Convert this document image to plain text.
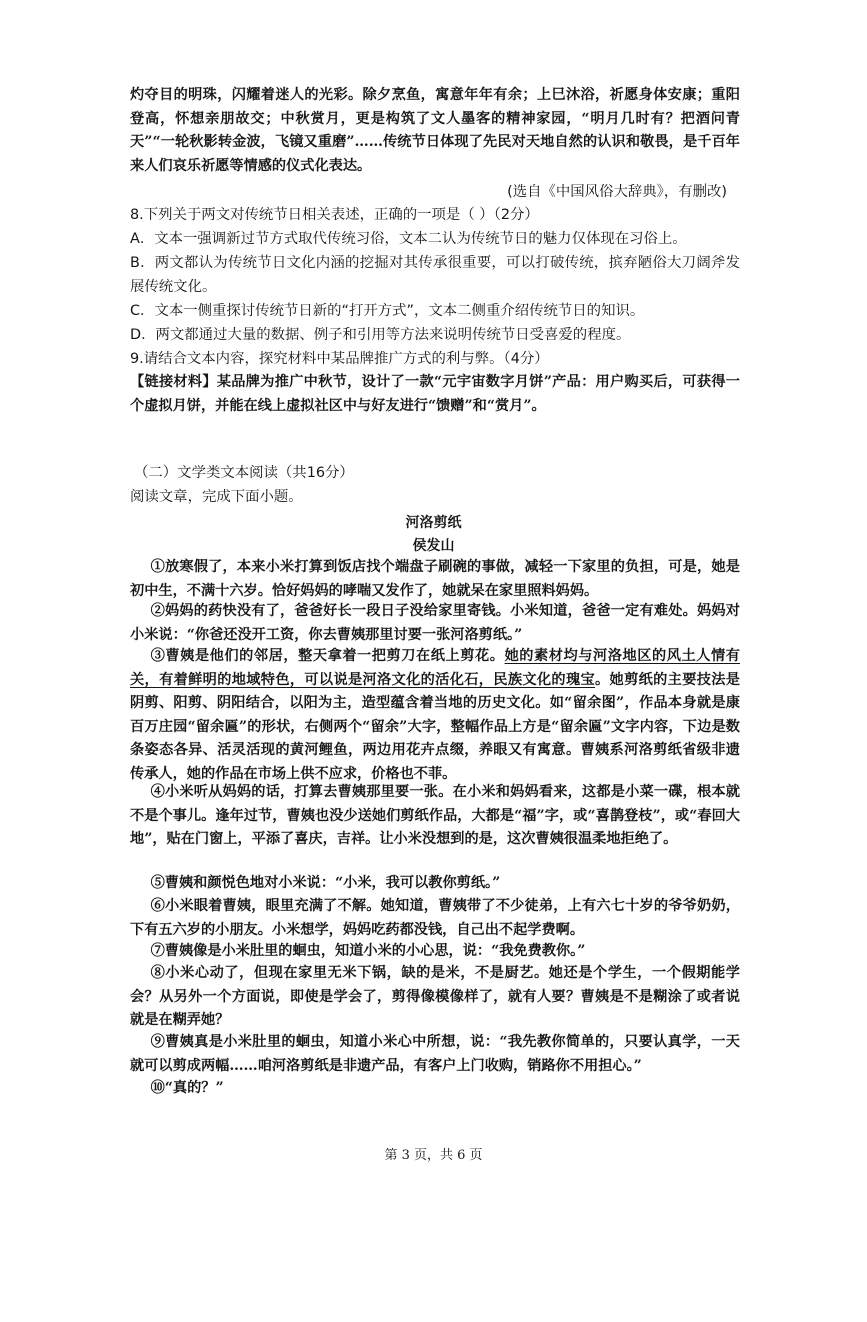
灼夺目的明珠，闪耀着迷人的光彩。除夕烹鱼，寓意年年有余；上巳沐浴，祈愿身体安康；重阳登高，怀想亲朋故交；中秋赏月，更是构筑了文人墨客的精神家园，“明月几时有？把酒问青天”“一轮秋影转金波，飞镜又重磨”……传统节日体现了先民对天地自然的认识和敬畏，是千百年来人们哀乐祈愿等情感的仪式化表达。

(选自《中国风俗大辞典》，有删改)

8.下列关于两文对传统节日相关表述，正确的一项是（ ）（2分）

A．文本一强调新过节方式取代传统习俗，文本二认为传统节日的魅力仅体现在习俗上。

B．两文都认为传统节日文化内涵的挖掘对其传承很重要，可以打破传统，摈弃陋俗大刀阔斧发展传统文化。

C．文本一侧重探讨传统节日新的“打开方式”，文本二侧重介绍传统节日的知识。

D．两文都通过大量的数据、例子和引用等方法来说明传统节日受喜爱的程度。

9.请结合文本内容，探究材料中某品牌推广方式的利与弊。（4分）

【链接材料】某品牌为推广中秋节，设计了一款“元宇宙数字月饼”产品：用户购买后，可获得一个虚拟月饼，并能在线上虚拟社区中与好友进行“馈赠”和“赏月”。

（二）文学类文本阅读（共16分）

阅读文章，完成下面小题。

河洛剪纸
侯发山

①放寒假了，本来小米打算到饭店找个端盘子刷碗的事做，减轻一下家里的负担，可是，她是初中生，不满十六岁。恰好妈妈的哮喘又发作了，她就呆在家里照料妈妈。

②妈妈的药快没有了，爸爸好长一段日子没给家里寄钱。小米知道，爸爸一定有难处。妈妈对小米说：“你爸还没开工资，你去曹姨那里讨要一张河洛剪纸。”

③曹姨是他们的邻居，整天拿着一把剪刀在纸上剪花。她的素材均与河洛地区的风土人情有关，有着鲜明的地域特色，可以说是河洛文化的活化石，民族文化的瑰宝。她剪纸的主要技法是阴剪、阳剪、阴阳结合，以阳为主，造型蕴含着当地的历史文化。如“留余图”，作品本身就是康百万庄园“留余匾”的形状，右侧两个“留余”大字，整幅作品上方是“留余匾”文字内容，下边是数条姿态各异、活灵活现的黄河鲤鱼，两边用花卉点缀，养眼又有寓意。曹姨系河洛剪纸省级非遗传承人，她的作品在市场上供不应求，价格也不菲。

④小米听从妈妈的话，打算去曹姨那里要一张。在小米和妈妈看来，这都是小菜一碟，根本就不是个事儿。逢年过节，曹姨也没少送她们剪纸作品，大都是“福”字，或“喜鹊登枝”，或“春回大地”，贴在门窗上，平添了喜庆，吉祥。让小米没想到的是，这次曹姨很温柔地拒绝了。

⑤曹姨和颜悦色地对小米说：“小米，我可以教你剪纸。”

⑥小米眼着曹姨，眼里充满了不解。她知道，曹姨带了不少徒弟，上有六七十岁的爷爷奶奶，下有五六岁的小朋友。小米想学，妈妈吃药都没钱，自己出不起学费啊。

⑦曹姨像是小米肚里的蛔虫，知道小米的小心思，说：“我免费教你。”

⑧小米心动了，但现在家里无米下锅，缺的是米，不是厨艺。她还是个学生，一个假期能学会？从另外一个方面说，即使是学会了，剪得像模像样了，就有人要？曹姨是不是糊涂了或者说就是在糊弄她？

⑨曹姨真是小米肚里的蛔虫，知道小米心中所想，说：“我先教你简单的，只要认真学，一天就可以剪成两幅……咱河洛剪纸是非遗产品，有客户上门收购，销路你不用担心。”

⑩“真的？”

第 3 页，共 6 页
